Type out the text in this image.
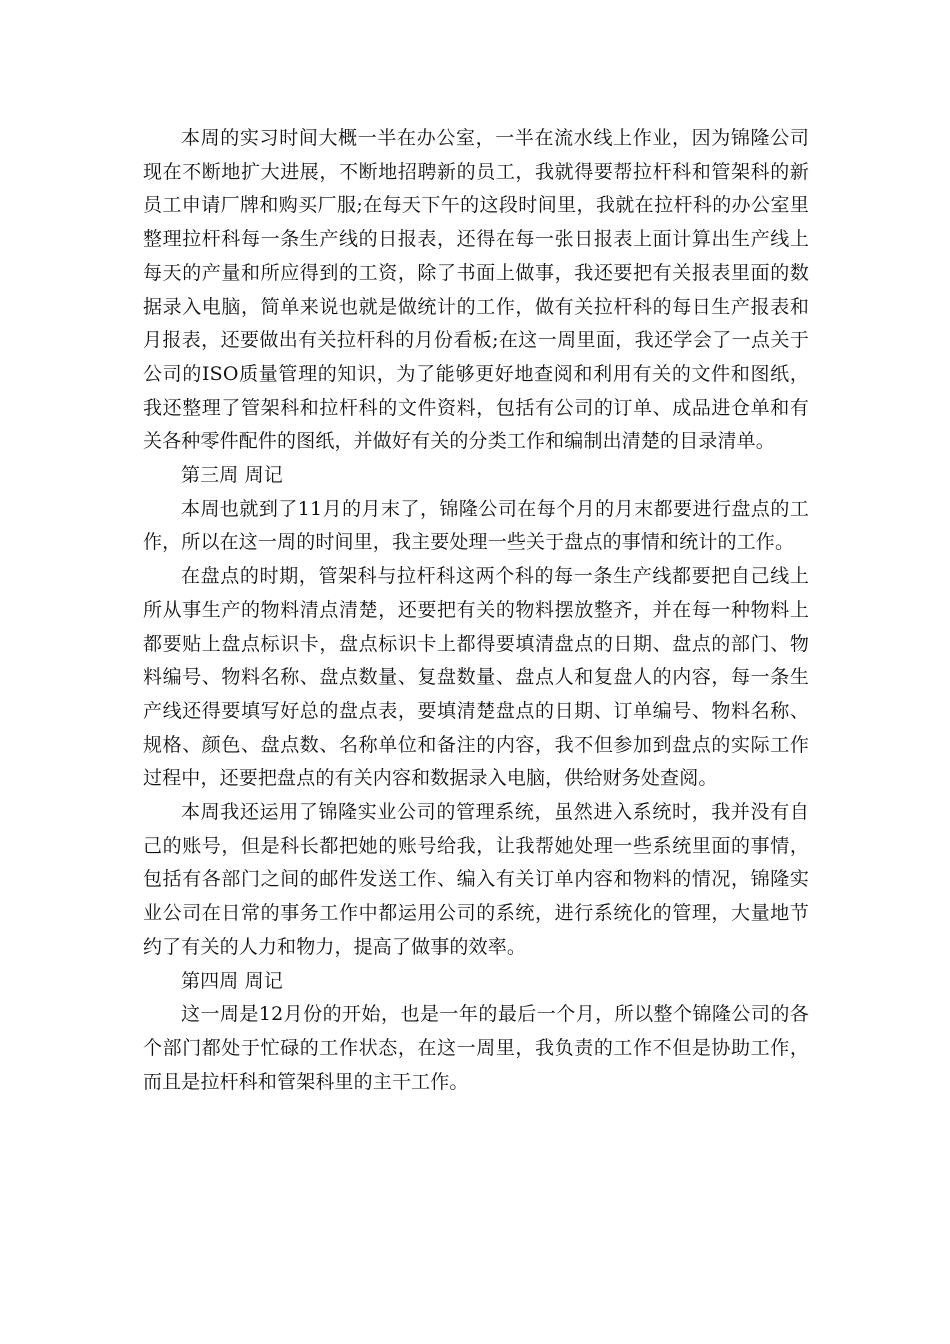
本周的实习时间大概一半在办公室，一半在流水线上作业，因为锦隆公司现在不断地扩大进展，不断地招聘新的员工，我就得要帮拉杆科和管架科的新员工申请厂牌和购买厂服;在每天下午的这段时间里，我就在拉杆科的办公室里整理拉杆科每一条生产线的日报表，还得在每一张日报表上面计算出生产线上每天的产量和所应得到的工资，除了书面上做事，我还要把有关报表里面的数据录入电脑，简单来说也就是做统计的工作，做有关拉杆科的每日生产报表和月报表，还要做出有关拉杆科的月份看板;在这一周里面，我还学会了一点关于公司的ISO质量管理的知识，为了能够更好地查阅和利用有关的文件和图纸，我还整理了管架科和拉杆科的文件资料，包括有公司的订单、成品进仓单和有关各种零件配件的图纸，并做好有关的分类工作和编制出清楚的目录清单。

第三周 周记

本周也就到了11月的月末了，锦隆公司在每个月的月末都要进行盘点的工作，所以在这一周的时间里，我主要处理一些关于盘点的事情和统计的工作。

在盘点的时期，管架科与拉杆科这两个科的每一条生产线都要把自己线上所从事生产的物料清点清楚，还要把有关的物料摆放整齐，并在每一种物料上都要贴上盘点标识卡，盘点标识卡上都得要填清盘点的日期、盘点的部门、物料编号、物料名称、盘点数量、复盘数量、盘点人和复盘人的内容，每一条生产线还得要填写好总的盘点表，要填清楚盘点的日期、订单编号、物料名称、规格、颜色、盘点数、名称单位和备注的内容，我不但参加到盘点的实际工作过程中，还要把盘点的有关内容和数据录入电脑，供给财务处查阅。

本周我还运用了锦隆实业公司的管理系统，虽然进入系统时，我并没有自己的账号，但是科长都把她的账号给我，让我帮她处理一些系统里面的事情，包括有各部门之间的邮件发送工作、编入有关订单内容和物料的情况，锦隆实业公司在日常的事务工作中都运用公司的系统，进行系统化的管理，大量地节约了有关的人力和物力，提高了做事的效率。

第四周 周记

这一周是12月份的开始，也是一年的最后一个月，所以整个锦隆公司的各个部门都处于忙碌的工作状态，在这一周里，我负责的工作不但是协助工作，而且是拉杆科和管架科里的主干工作。
